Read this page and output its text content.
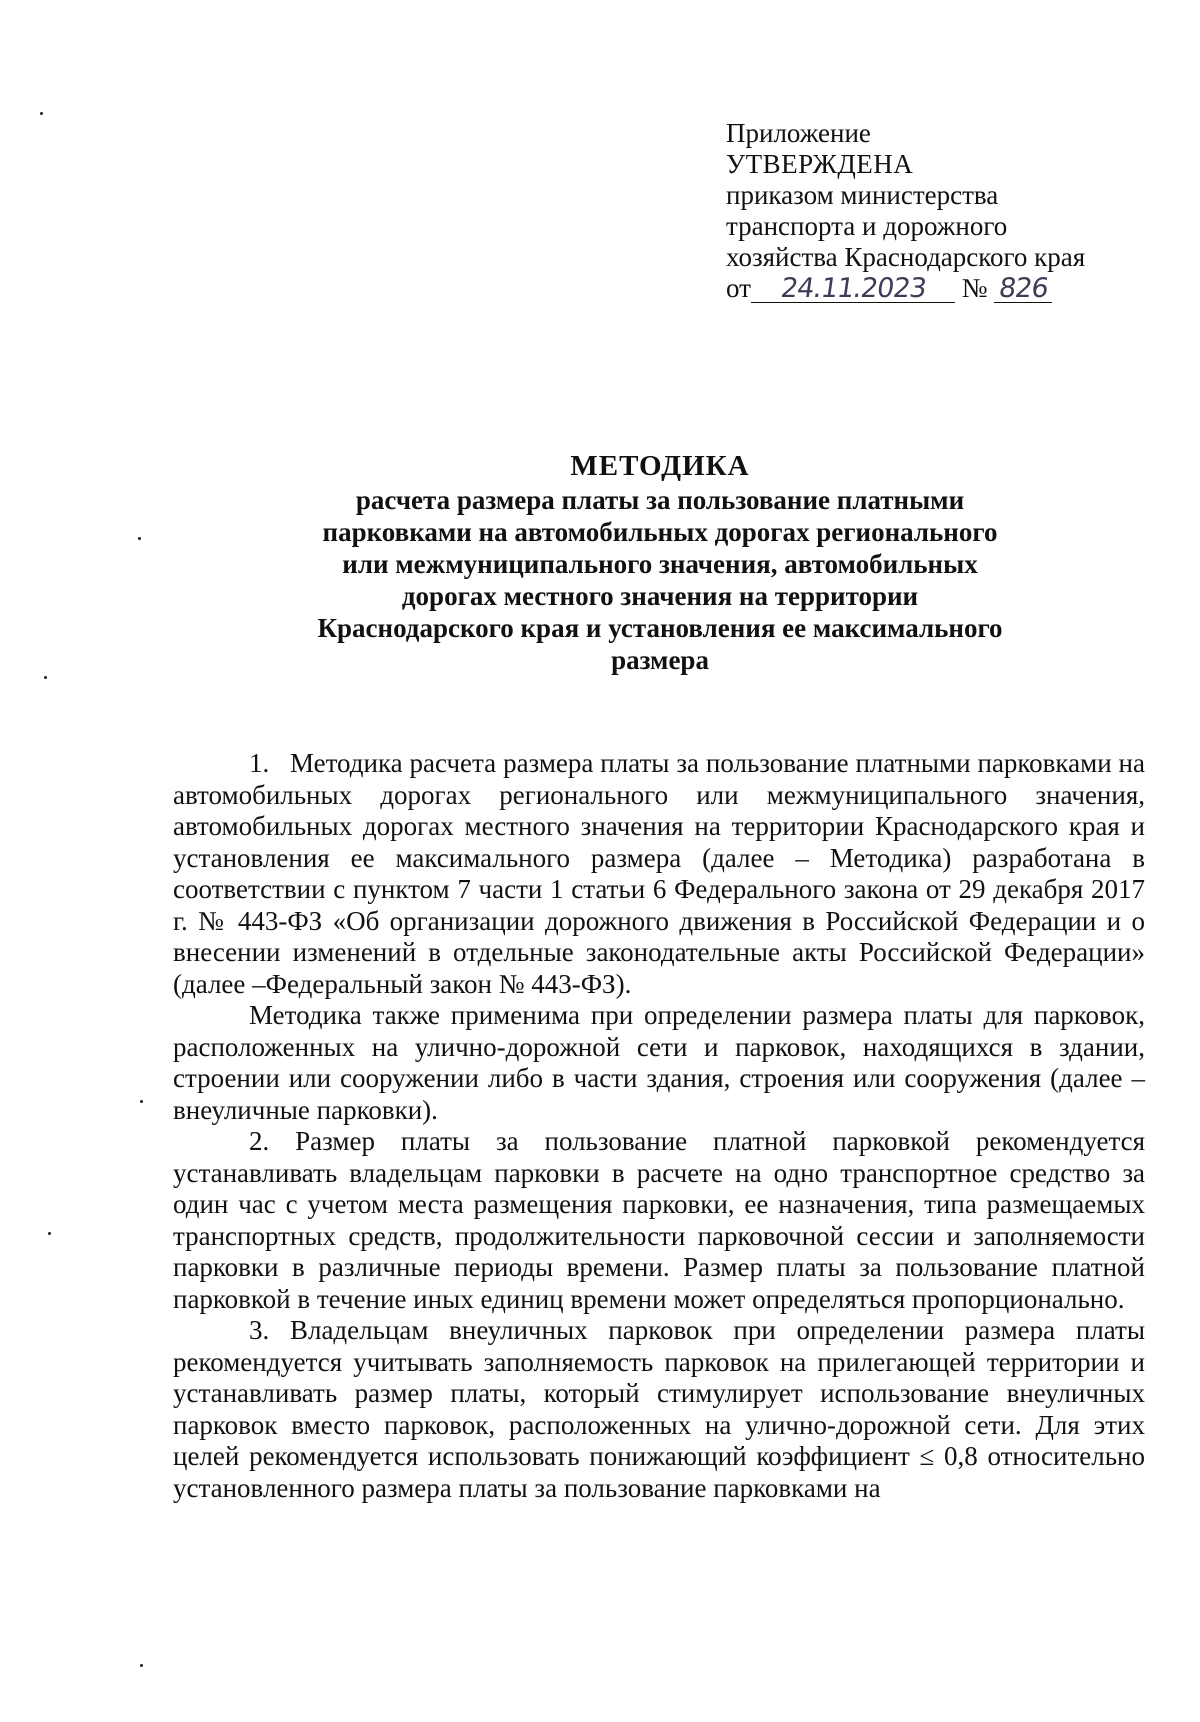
Приложение

УТВЕРЖДЕНА

приказом министерства

транспорта и дорожного

хозяйства Краснодарского края

от 24.11.2023 № 826

МЕТОДИКА
расчета размера платы за пользование платными
парковками на автомобильных дорогах регионального
или межмуниципального значения, автомобильных
дорогах местного значения на территории
Краснодарского края и установления ее максимального
размера

1.   Методика расчета размера платы за пользование платными парковками на автомобильных дорогах регионального или межмуниципального значения, автомобильных дорогах местного значения на территории Краснодарского края и установления ее максимального размера (далее – Методика) разработана в соответствии с пунктом 7 части 1 статьи 6 Федерального закона от 29 декабря 2017 г. № 443-ФЗ «Об организации дорожного движения в Российской Федерации и о внесении изменений в отдельные законодательные акты Российской Федерации» (далее –Федеральный закон № 443-ФЗ).

Методика также применима при определении размера платы для парковок, расположенных на улично-дорожной сети и парковок, находящихся в здании, строении или сооружении либо в части здания, строения или сооружения (далее – внеуличные парковки).

2. Размер платы за пользование платной парковкой рекомендуется устанавливать владельцам парковки в расчете на одно транспортное средство за один час с учетом места размещения парковки, ее назначения, типа размещаемых транспортных средств, продолжительности парковочной сессии и заполняемости парковки в различные периоды времени. Размер платы за пользование платной парковкой в течение иных единиц времени может определяться пропорционально.

3. Владельцам внеуличных парковок при определении размера платы рекомендуется учитывать заполняемость парковок на прилегающей территории и устанавливать размер платы, который стимулирует использование внеуличных парковок вместо парковок, расположенных на улично-дорожной сети. Для этих целей рекомендуется использовать понижающий коэффициент ≤ 0,8 относительно установленного размера платы за пользование парковками на
